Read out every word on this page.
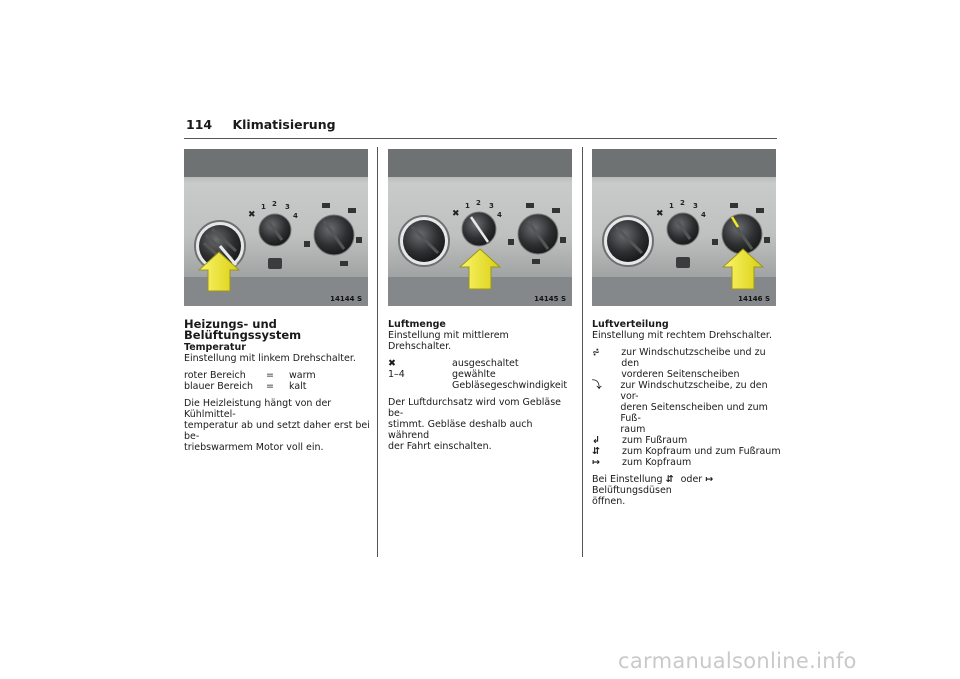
114 Klimatisierung
1 2 3
4
✖
14144 S
1 2 3
4
✖
14145 S
1 2 3
4
✖
14146 S

Heizungs- und Belüftungssystem

Temperatur

Einstellung mit linkem Drehschalter.

roter Bereich	=	warm
blauer Bereich	=	kalt

Die Heizleistung hängt von der Kühlmittel-

temperatur ab und setzt daher erst bei be-

triebswarmem Motor voll ein.

Luftmenge

Einstellung mit mittlerem Drehschalter.

✖	ausgeschaltet
1–4	gewählte
Gebläsegeschwindigkeit

Der Luftdurchsatz wird vom Gebläse be-

stimmt. Gebläse deshalb auch während

der Fahrt einschalten.

Luftverteilung

Einstellung mit rechtem Drehschalter.

⩫	zur Windschutzscheibe und zu den
vorderen Seitenscheiben
⤵	zur Windschutzscheibe, zu den vor-
deren Seitenscheiben und zum Fuß-
raum
↲	zum Fußraum
⇵	zum Kopfraum und zum Fußraum
↦	zum Kopfraum

Bei Einstellung ⇵ oder ↦ Belüftungsdüsen

öffnen.

carmanualsonline.info
